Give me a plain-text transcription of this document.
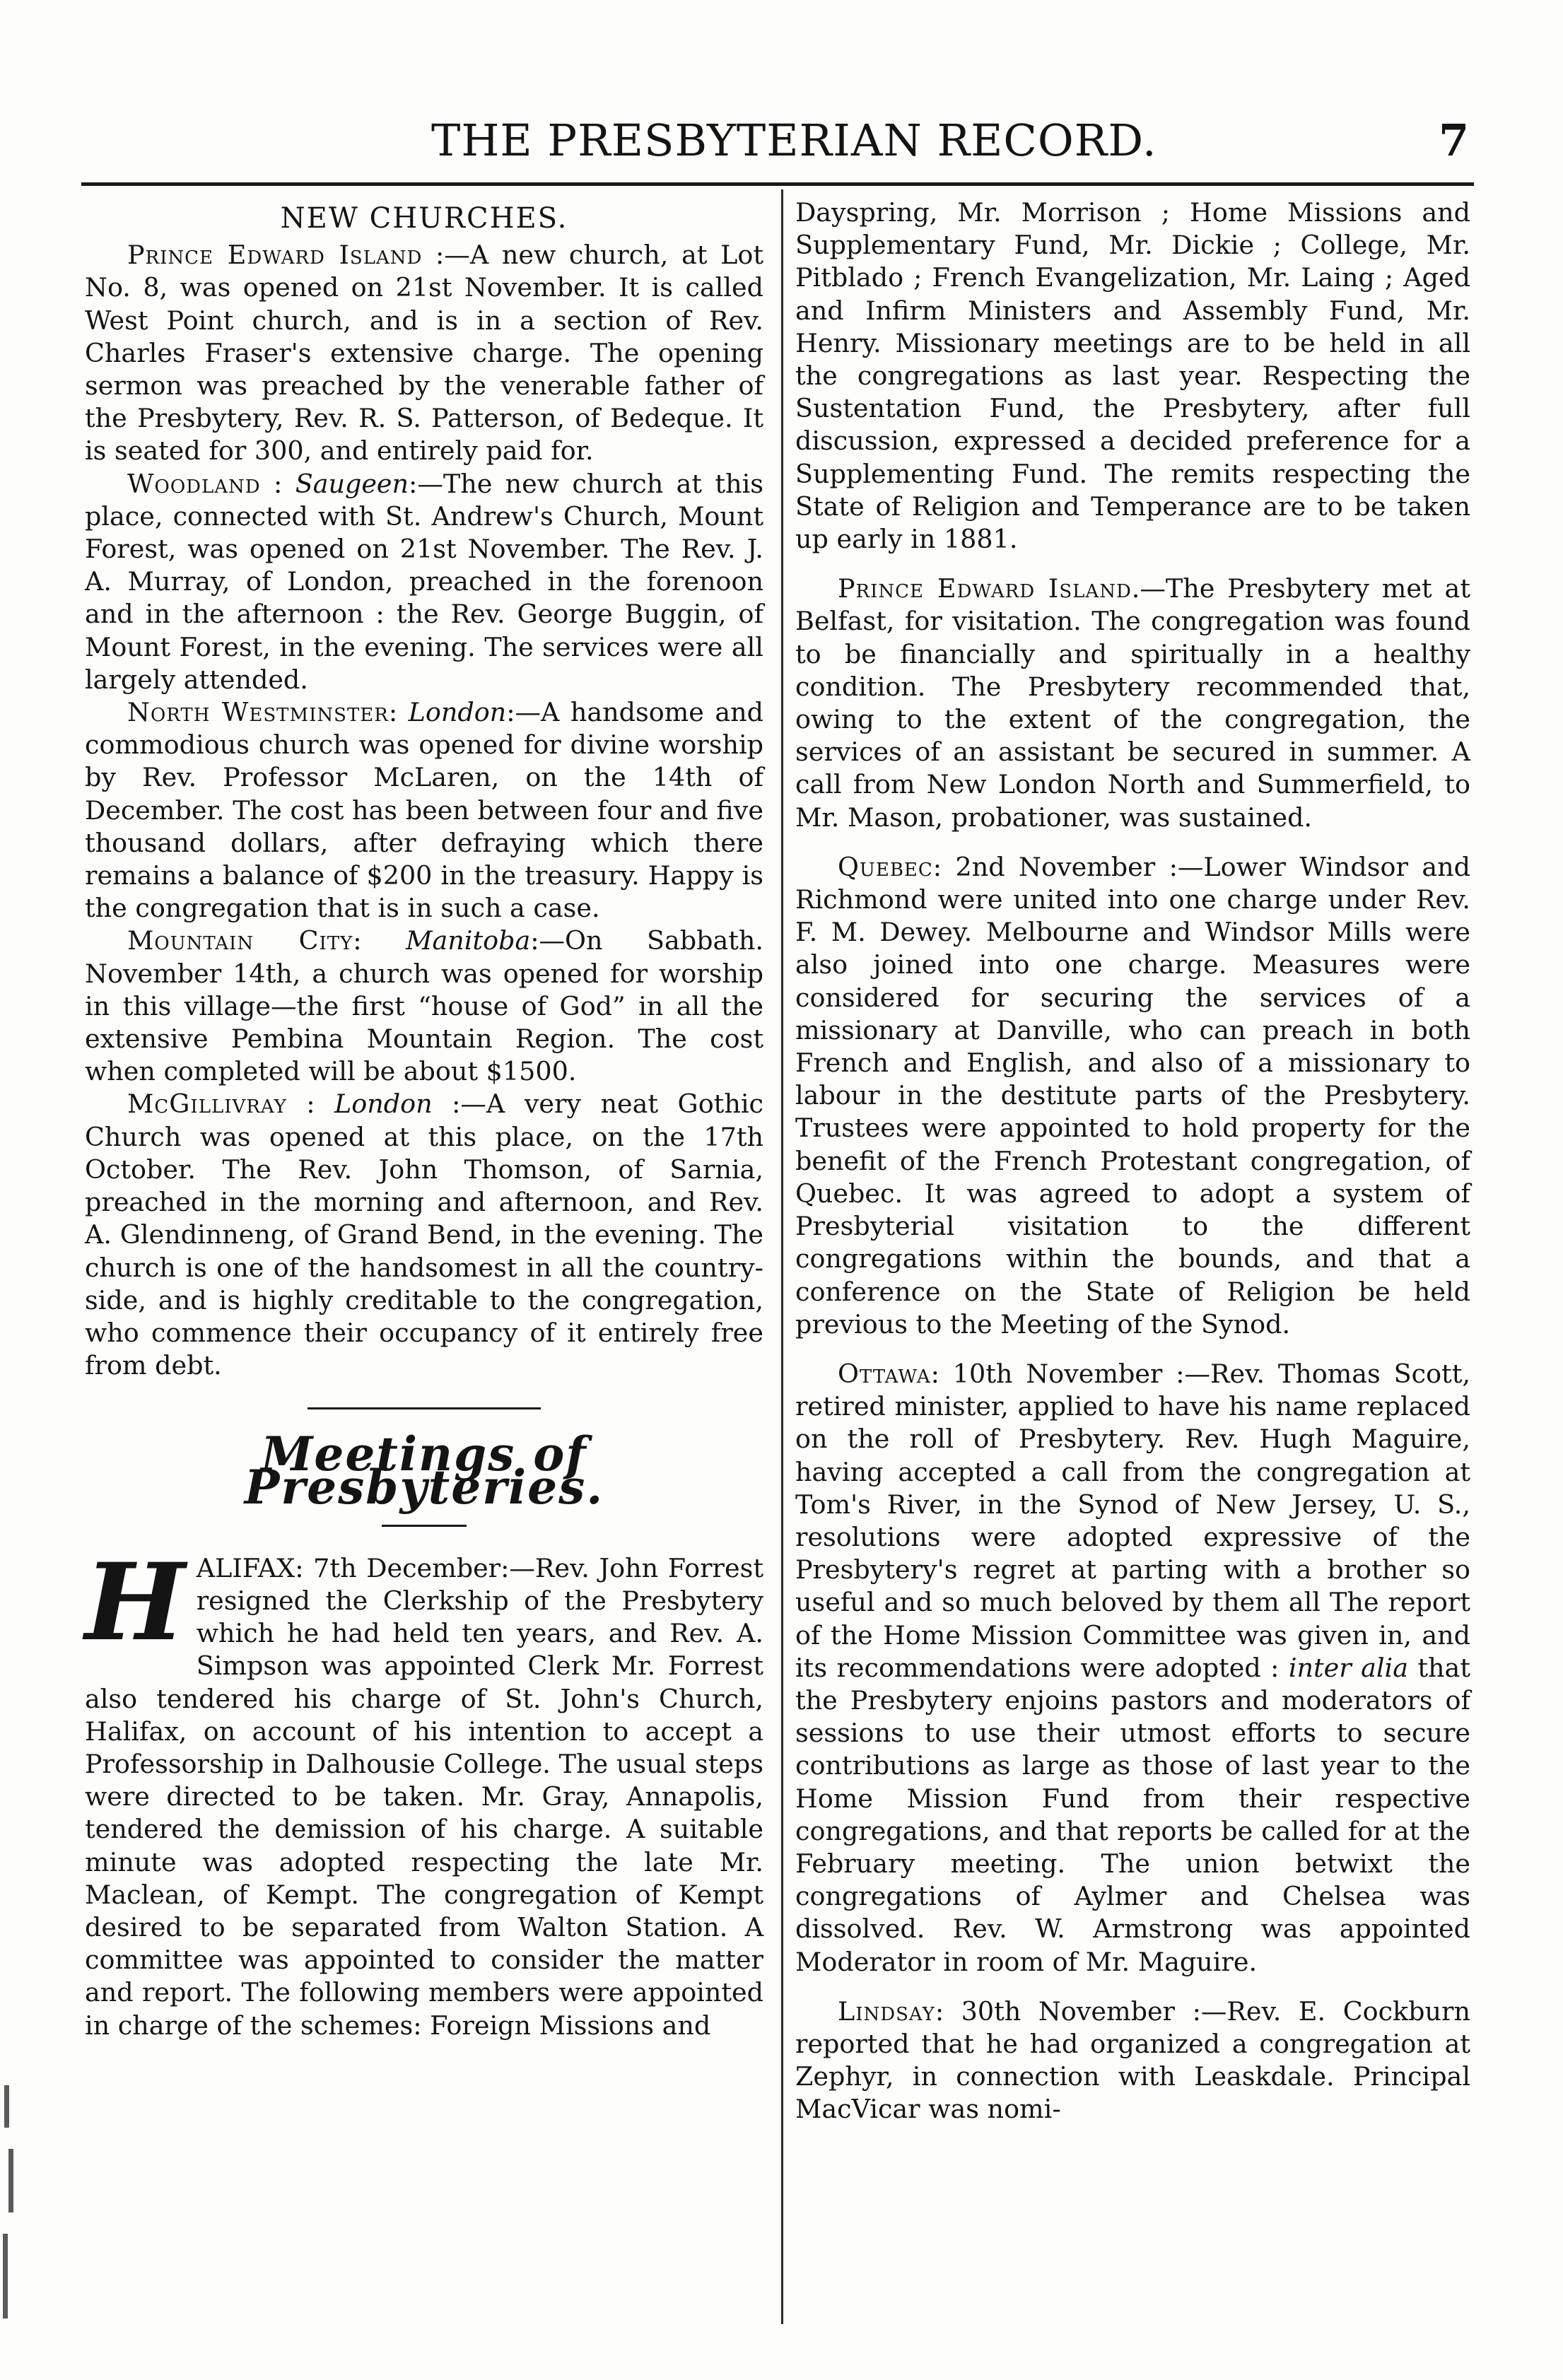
THE PRESBYTERIAN RECORD.	7
NEW CHURCHES.

Prince Edward Island :—A new church, at Lot No. 8, was opened on 21st November. It is called West Point church, and is in a section of Rev. Charles Fraser's extensive charge. The opening sermon was preached by the venerable father of the Presbytery, Rev. R. S. Patterson, of Bedeque. It is seated for 300, and entirely paid for.

Woodland : Saugeen:—The new church at this place, connected with St. Andrew's Church, Mount Forest, was opened on 21st November. The Rev. J. A. Murray, of London, preached in the forenoon and in the afternoon : the Rev. George Buggin, of Mount Forest, in the evening. The services were all largely attended.

North Westminster: London:—A handsome and commodious church was opened for divine worship by Rev. Professor McLaren, on the 14th of December. The cost has been between four and five thousand dollars, after defraying which there remains a balance of $200 in the treasury. Happy is the congregation that is in such a case.

Mountain City: Manitoba:—On Sabbath. November 14th, a church was opened for worship in this village—the first “house of God” in all the extensive Pembina Mountain Region. The cost when completed will be about $1500.

McGillivray : London :—A very neat Gothic Church was opened at this place, on the 17th October. The Rev. John Thomson, of Sarnia, preached in the morning and afternoon, and Rev. A. Glendinneng, of Grand Bend, in the evening. The church is one of the handsomest in all the country-side, and is highly creditable to the congregation, who commence their occupancy of it entirely free from debt.

Meetings of Presbyteries.
H ALIFAX: 7th December:—Rev. John Forrest resigned the Clerkship of the Presbytery which he had held ten years, and Rev. A. Simpson was appointed Clerk Mr. Forrest also tendered his charge of St. John's Church, Halifax, on account of his intention to accept a Professorship in Dalhousie College. The usual steps were directed to be taken. Mr. Gray, Annapolis, tendered the demission of his charge. A suitable minute was adopted respecting the late Mr. Maclean, of Kempt. The congregation of Kempt desired to be separated from Walton Station. A committee was appointed to consider the matter and report. The following members were appointed in charge of the schemes: Foreign Missions and

Dayspring, Mr. Morrison ; Home Missions and Supplementary Fund, Mr. Dickie ; College, Mr. Pitblado ; French Evangelization, Mr. Laing ; Aged and Infirm Ministers and Assembly Fund, Mr. Henry. Missionary meetings are to be held in all the congregations as last year. Respecting the Sustentation Fund, the Presbytery, after full discussion, expressed a decided preference for a Supplementing Fund. The remits respecting the State of Religion and Temperance are to be taken up early in 1881.

Prince Edward Island.—The Presbytery met at Belfast, for visitation. The congregation was found to be financially and spiritually in a healthy condition. The Presbytery recommended that, owing to the extent of the congregation, the services of an assistant be secured in summer. A call from New London North and Summerfield, to Mr. Mason, probationer, was sustained.

Quebec: 2nd November :—Lower Windsor and Richmond were united into one charge under Rev. F. M. Dewey. Melbourne and Windsor Mills were also joined into one charge. Measures were considered for securing the services of a missionary at Danville, who can preach in both French and English, and also of a missionary to labour in the destitute parts of the Presbytery. Trustees were appointed to hold property for the benefit of the French Protestant congregation, of Quebec. It was agreed to adopt a system of Presbyterial visitation to the different congregations within the bounds, and that a conference on the State of Religion be held previous to the Meeting of the Synod.

Ottawa: 10th November :—Rev. Thomas Scott, retired minister, applied to have his name replaced on the roll of Presbytery. Rev. Hugh Maguire, having accepted a call from the congregation at Tom's River, in the Synod of New Jersey, U. S., resolutions were adopted expressive of the Presbytery's regret at parting with a brother so useful and so much beloved by them all The report of the Home Mission Committee was given in, and its recommendations were adopted : inter alia that the Presbytery enjoins pastors and moderators of sessions to use their utmost efforts to secure contributions as large as those of last year to the Home Mission Fund from their respective congregations, and that reports be called for at the February meeting. The union betwixt the congregations of Aylmer and Chelsea was dissolved. Rev. W. Armstrong was appointed Moderator in room of Mr. Maguire.

Lindsay: 30th November :—Rev. E. Cockburn reported that he had organized a congregation at Zephyr, in connection with Leaskdale. Principal MacVicar was nomi-
